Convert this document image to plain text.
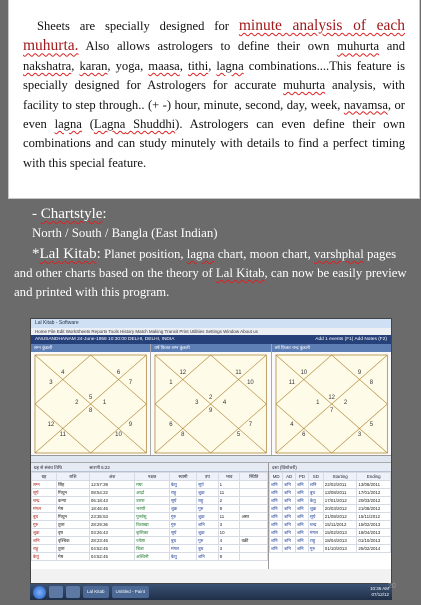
Sheets are specially designed for minute analysis of each muhurta. Also allows astrologers to define their own muhurta and nakshatra, karan, yoga, maasa, tithi, lagna combinations....This feature is specially designed for Astrologers for accurate muhurta analysis, with facility to step through.. (+ -) hour, minute, second, day, week, navamsa, or even lagna (Lagna Shuddhi). Astrologers can even define their own combinations and can study minutely with details to find a perfect timing with this special feature.

- Chartstyle:
North / South / Bangla (East Indian)
*Lal Kitab: Planet position, lagna chart, moon chart, varshphal pages and other charts based on the theory of Lal Kitab, can now be easily preview and printed with this program.
Lal Kitab - Software
Home File Edit WorkSheets Reports Tools History Match Making Transit Print Utilities Settings Window About us
ANUSANDHANAM 24-June-1958 10:30:00 DELHI, DELHI, INDIA	Add 1 events (F1) Add Notes (F2)
लग्न कुंडली
5
4
3
6
2
7
1
12
8
10
11
9
वर्ष फ़ित्रत लग्न कुंडली
2
12
1
11
3
10
4
6
9
5
8
7
वर्ष फ़ित्रत चन्द्र कुंडली
12
10
11
9
1
8
2
4
7
3
6
5
ग्रह से संबंध तिथि	सारणी 5:22
ग्रह	राशि	अंश	नक्षत्र	स्वामी	उप	भाव	स्थिति
लग्न	सिंह	12:57:39	मघा	केतु	सूर्य	1	
सूर्य	मिथुन	08:54:22	आर्द्रा	राहु	शुक्र	11	
चन्द्र	कन्या	06:18:43	उत्तरा	सूर्य	राहु	2	
मंगल	मेष	18:46:46	भरणी	शुक्र	गुरु	9	
बुध	मिथुन	23:35:53	पुनर्वसु	गुरु	शुक्र	11	अस्त
गुरु	तुला	28:29:36	विशाखा	गुरु	शनि	3	
शुक्र	वृष	03:26:43	कृत्तिका	सूर्य	शुक्र	10	
शनि	वृश्चिक	28:23:46	ज्येष्ठा	बुध	गुरु	4	वक्री
राहु	तुला	04:52:45	चित्रा	मंगल	बुध	3	
केतु	मेष	04:52:45	अश्विनी	केतु	शनि	9	
दशा (विंशोत्तरी)
MD	AD	PD	SD	Starting	Ending
शनि	शनि	शनि	शनि	22/02/2011	13/08/2011
शनि	शनि	शनि	बुध	13/08/2011	17/01/2012
शनि	शनि	शनि	केतु	17/01/2012	20/03/2012
शनि	शनि	शनि	शुक्र	20/03/2012	21/08/2012
शनि	शनि	शनि	सूर्य	21/08/2012	15/11/2012
शनि	शनि	शनि	चन्द्र	15/11/2012	15/02/2013
शनि	शनि	शनि	मंगल	15/02/2013	18/04/2013
शनि	शनि	शनि	राहु	18/04/2013	01/10/2013
शनि	शनि	शनि	गुरु	01/10/2013	25/02/2014
Lal Kitab	Untitled - Paint
10:36 AM
07/12/12
20
